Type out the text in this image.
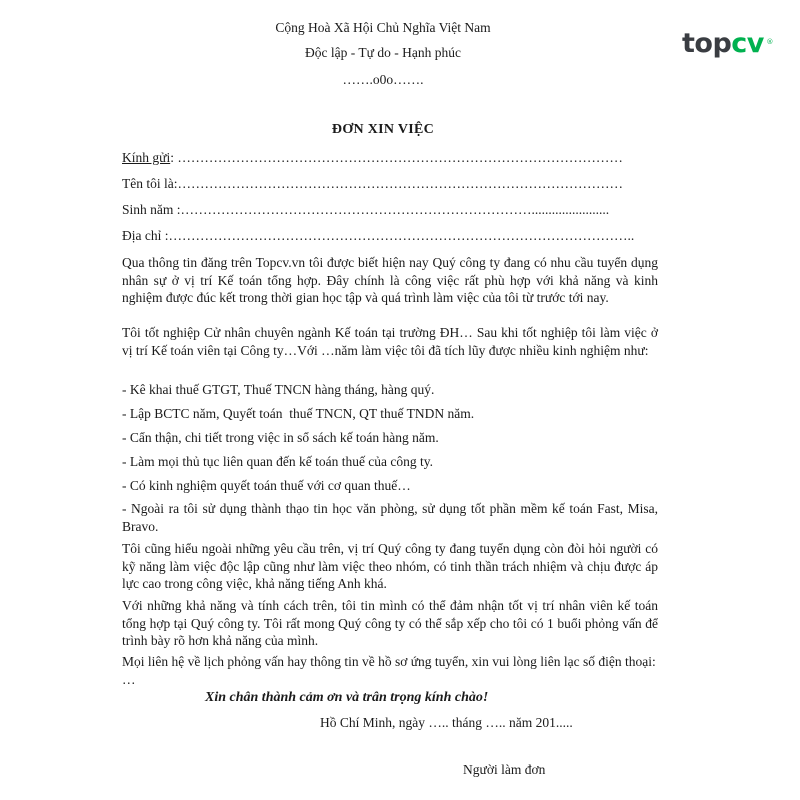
topcv ®
Cộng Hoà Xã Hội Chủ Nghĩa Việt Nam
Độc lập - Tự do - Hạnh phúc
…….o0o…….
ĐƠN XIN VIỆC
Kính gửi: ………………………………………………………………………………………
Tên tôi là:………………………………………………………………………………………
Sinh năm :…………………………………………………………………….......................
Địa chỉ :…………………………………………………………………………………………..
Qua thông tin đăng trên Topcv.vn tôi được biết hiện nay Quý công ty đang có nhu cầu tuyển dụng nhân sự ở vị trí Kế toán tổng hợp. Đây chính là công việc rất phù hợp với khả năng và kinh nghiệm được đúc kết trong thời gian học tập và quá trình làm việc của tôi từ trước tới nay.
Tôi tốt nghiệp Cử nhân chuyên ngành Kế toán tại trường ĐH… Sau khi tốt nghiệp tôi làm việc ở vị trí Kế toán viên tại Công ty…Với …năm làm việc tôi đã tích lũy được nhiều kinh nghiệm như:
- Kê khai thuế GTGT, Thuế TNCN hàng tháng, hàng quý.
- Lập BCTC năm, Quyết toán  thuế TNCN, QT thuế TNDN năm.
- Cẩn thận, chi tiết trong việc in sổ sách kế toán hàng năm.
- Làm mọi thủ tục liên quan đến kế toán thuế của công ty.
- Có kinh nghiệm quyết toán thuế với cơ quan thuế…
- Ngoài ra tôi sử dụng thành thạo tin học văn phòng, sử dụng tốt phần mềm kế toán Fast, Misa, Bravo.
Tôi cũng hiểu ngoài những yêu cầu trên, vị trí Quý công ty đang tuyển dụng còn đòi hỏi người có kỹ năng làm việc độc lập cũng như làm việc theo nhóm, có tinh thần trách nhiệm và chịu được áp lực cao trong công việc, khả năng tiếng Anh khá.
Với những khả năng và tính cách trên, tôi tin mình có thể đảm nhận tốt vị trí nhân viên kế toán tổng hợp tại Quý công ty. Tôi rất mong Quý công ty có thể sắp xếp cho tôi có 1 buổi phỏng vấn để trình bày rõ hơn khả năng của mình.
Mọi liên hệ về lịch phỏng vấn hay thông tin về hồ sơ ứng tuyển, xin vui lòng liên lạc số điện thoại: …
Xin chân thành cảm ơn và trân trọng kính chào!
Hồ Chí Minh, ngày ….. tháng ….. năm 201.....
Người làm đơn
